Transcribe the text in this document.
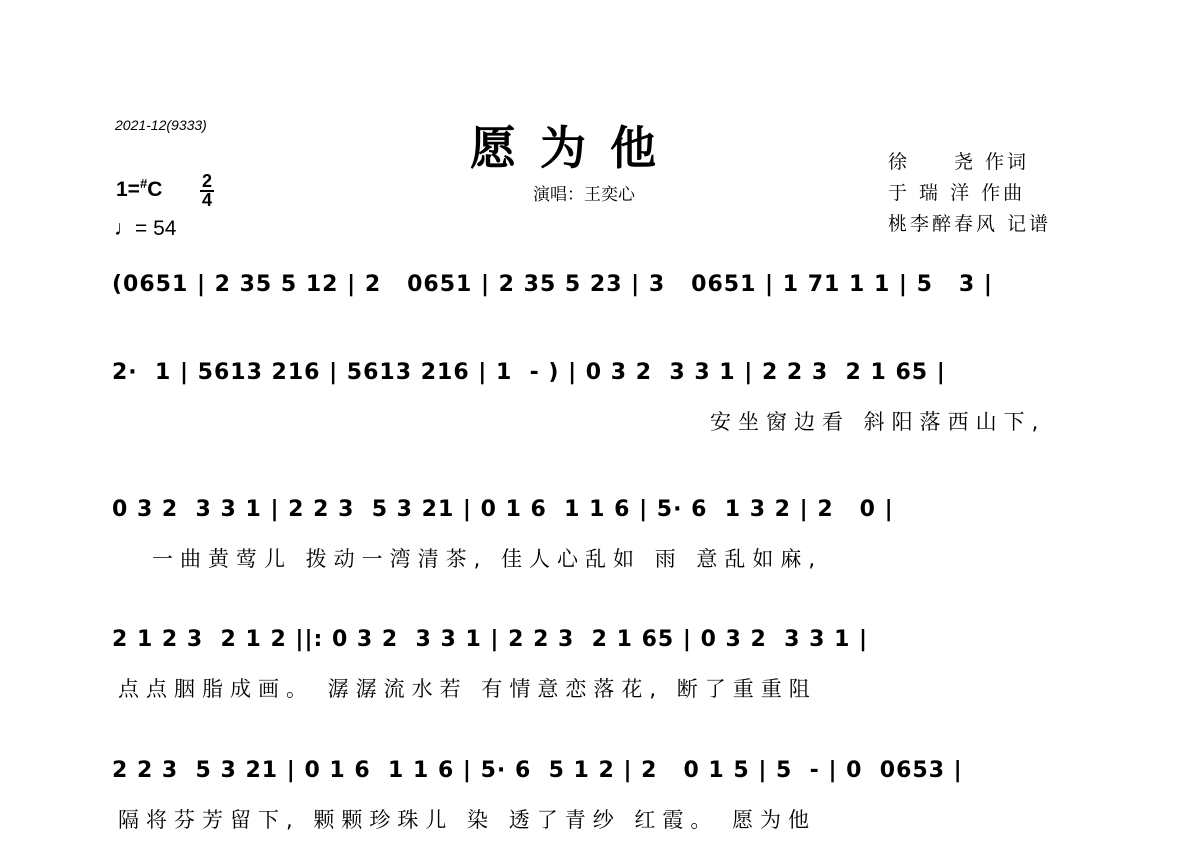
2021-12(9333)	愿为他
演唱：王奕心
徐　　尧 作词
于 瑞 洋 作曲
桃李醉春风 记谱
1=#C 2
4
♩= 54
(0651 | 2 35 5 12 | 2   0651 | 2 35 5 23 | 3   0651 | 1 71 1 1 | 5   3 |
2·  1 | 5613 216 | 5613 216 | 1  - ) | 0 3 2  3 3 1 | 2 2 3  2 1 65 |
安坐窗边看 斜阳落西山下,
0 3 2  3 3 1 | 2 2 3  5 3 21 | 0 1 6  1 1 6 | 5· 6  1 3 2 | 2   0 |
一曲黄莺儿 拨动一湾清茶, 佳人心乱如 雨 意乱如麻,
2 1 2 3  2 1 2 ||: 0 3 2  3 3 1 | 2 2 3  2 1 65 | 0 3 2  3 3 1 |
点点胭脂成画。 潺潺流水若 有情意恋落花, 断了重重阻
2 2 3  5 3 21 | 0 1 6  1 1 6 | 5· 6  5 1 2 | 2   0 1 5 | 5  - | 0  0653 |
隔将芬芳留下, 颗颗珍珠儿 染 透了青纱 红霞。 愿为他
